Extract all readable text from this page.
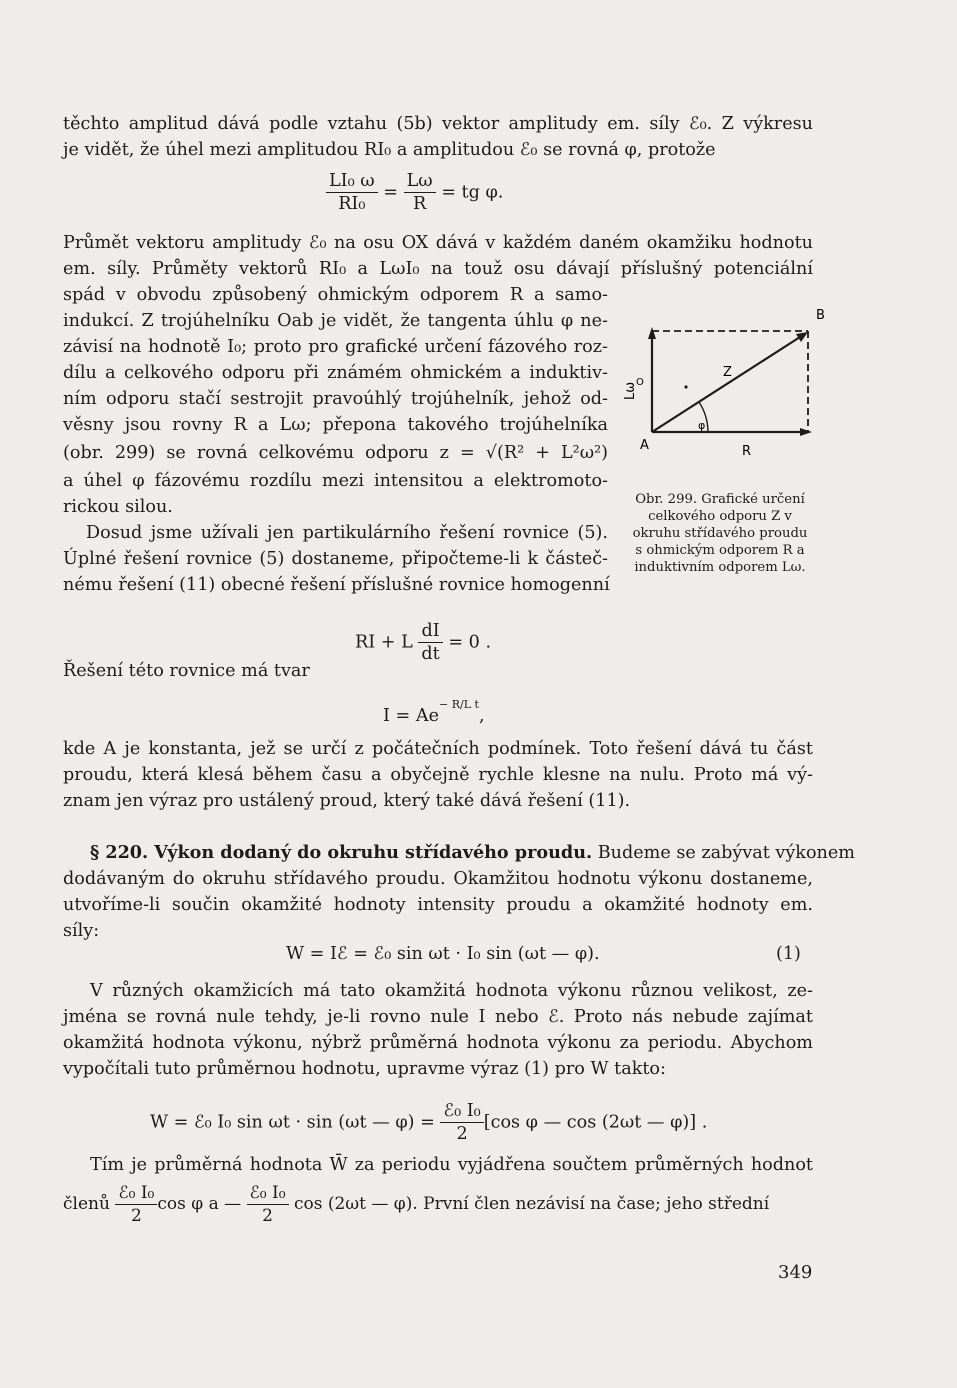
těchto amplitud dává podle vztahu (5b) vektor amplitudy em. síly ℰ₀. Z výkresu
je vidět, že úhel mezi amplitudou RI₀ a amplitudou ℰ₀ se rovná φ, protože
$\frac{\text{LI₀ ω}}{\text{RI₀}} = \frac{L\omega}{R}$ = tg φ.
Průmět vektoru amplitudy ℰ₀ na osu OX dává v každém daném okamžiku hodnotu
em. síly. Průměty vektorů RI₀ a LωI₀ na touž osu dávají příslušný potenciální
spád v obvodu způsobený ohmickým odporem R a samo-
indukcí. Z trojúhelníku Oab je vidět, že tangenta úhlu φ ne-
závisí na hodnotě I₀; proto pro grafické určení fázového roz-
dílu a celkového odporu při známém ohmickém a induktiv-
ním odporu stačí sestrojit pravoúhlý trojúhelník, jehož od-
věsny jsou rovny R a Lω; přepona takového trojúhelníka
(obr. 299) se rovná celkovému odporu z = √(R² + L²ω²)
a úhel φ fázovému rozdílu mezi intensitou a elektromoto-
rickou silou.
Dosud jsme užívali jen partikulárního řešení rovnice (5).
Úplné řešení rovnice (5) dostaneme, připočteme-li k částeč-
nému řešení (11) obecné řešení příslušné rovnice homogenní
B
A	R
Z
φ
Lω
O
Obr. 299. Grafické určení celkového odporu Z v okruhu střídavého proudu s ohmickým odporem R a induktivním odporem Lω.
RI + L $\frac{dI}{dt} = 0$ .
Řešení této rovnice má tvar
$I = Ae^{- R/L t}$,
kde A je konstanta, jež se určí z počátečních podmínek. Toto řešení dává tu část
proudu, která klesá během času a obyčejně rychle klesne na nulu. Proto má vý-
znam jen výraz pro ustálený proud, který také dává řešení (11).
§ 220. Výkon dodaný do okruhu střídavého proudu. Budeme se zabývat výkonem
dodávaným do okruhu střídavého proudu. Okamžitou hodnotu výkonu dostaneme,
utvoříme-li součin okamžité hodnoty intensity proudu a okamžité hodnoty em.
síly:
W = Iℰ = ℰ₀ sin ωt · I₀ sin (ωt — φ).	(1)
V různých okamžicích má tato okamžitá hodnota výkonu různou velikost, ze-
jména se rovná nule tehdy, je-li rovno nule I nebo ℰ. Proto nás nebude zajímat
okamžitá hodnota výkonu, nýbrž průměrná hodnota výkonu za periodu. Abychom
vypočítali tuto průměrnou hodnotu, upravme výraz (1) pro W takto:
W = ℰ₀ I₀ sin ωt · sin (ωt — $\varphi) = \frac{\text{ℰ₀ I₀}}{2} [\cos$ φ — cos (2ωt — φ)] .
Tím je průměrná hodnota W̄ za periodu vyjádřena součtem průměrných hodnot
členů $\frac{\text{ℰ₀ I₀}}{2}$ cos φ a — $\frac{\text{ℰ₀ I₀}}{2}$ cos (2ωt — φ). První člen nezávisí na čase; jeho střední
349
